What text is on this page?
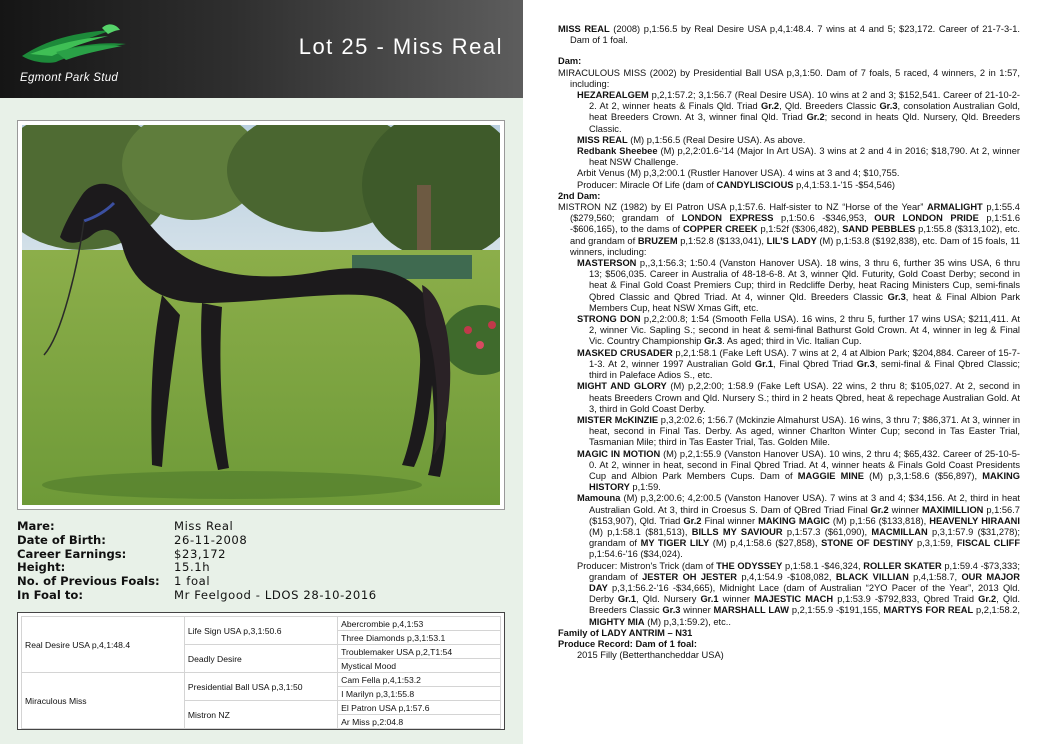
Egmont Park Stud
Lot 25 - Miss Real
Mare:	Miss Real
Date of Birth:	26-11-2008
Career Earnings:	$23,172
Height:	15.1h
No. of Previous Foals:	1 foal
In Foal to:	Mr Feelgood - LDOS 28-10-2016
Real Desire USA p,4,1:48.4	Life Sign USA p,3,1:50.6	Abercrombie p,4,1:53
		Three Diamonds p,3,1:53.1
	Deadly Desire	Troublemaker USA p,2,T1:54
		Mystical Mood
Miraculous Miss	Presidential Ball USA p,3,1:50	Cam Fella p,4,1:53.2
		I Marilyn p,3,1:55.8
	Mistron NZ	El Patron USA p,1:57.6
		Ar Miss p,2:04.8

MISS REAL (2008) p,1:56.5 by Real Desire USA p,4,1:48.4. 7 wins at 4 and 5; $23,172. Career of 21-7-3-1. Dam of 1 foal.

Dam:

MIRACULOUS MISS (2002) by Presidential Ball USA p,3,1:50. Dam of 7 foals, 5 raced, 4 winners, 2 in 1:57, including:

HEZAREALGEM p,2,1:57.2; 3,1:56.7 (Real Desire USA). 10 wins at 2 and 3; $152,541. Career of 21-10-2-2. At 2, winner heats & Finals Qld. Triad Gr.2, Qld. Breeders Classic Gr.3, consolation Australian Gold, heat Breeders Crown. At 3, winner final Qld. Triad Gr.2; second in heats Qld. Nursery, Qld. Breeders Classic.

MISS REAL (M) p,1:56.5 (Real Desire USA). As above.

Redbank Sheebee (M) p,2,2:01.6-'14 (Major In Art USA). 3 wins at 2 and 4 in 2016; $18,790. At 2, winner heat NSW Challenge.

Arbit Venus (M) p,3,2:00.1 (Rustler Hanover USA). 4 wins at 3 and 4; $10,755.

Producer: Miracle Of Life (dam of CANDYLISCIOUS p,4,1:53.1-'15 -$54,546)

2nd Dam:

MISTRON NZ (1982) by El Patron USA p,1:57.6. Half-sister to NZ “Horse of the Year” ARMALIGHT p,1:55.4 ($279,560; grandam of LONDON EXPRESS p,1:50.6 -$346,953, OUR LONDON PRIDE p,1:51.6 -$606,165), to the dams of COPPER CREEK p,1:52f ($306,482), SAND PEBBLES p,1:55.8 ($313,102), etc. and grandam of BRUZEM p,1:52.8 ($133,041), LIL’S LADY (M) p,1:53.8 ($192,838), etc. Dam of 15 foals, 11 winners, including:

MASTERSON p,,3,1:56.3; 1:50.4 (Vanston Hanover USA). 18 wins, 3 thru 6, further 35 wins USA, 6 thru 13; $506,035. Career in Australia of 48-18-6-8. At 3, winner Qld. Futurity, Gold Coast Derby; second in heat & Final Gold Coast Premiers Cup; third in Redcliffe Derby, heat Racing Ministers Cup, semi-finals Qbred Classic and Qbred Triad. At 4, winner Qld. Breeders Classic Gr.3, heat & Final Albion Park Members Cup, heat NSW Xmas Gift, etc.

STRONG DON p,2,2:00.8; 1:54 (Smooth Fella USA). 16 wins, 2 thru 5, further 17 wins USA; $211,411. At 2, winner Vic. Sapling S.; second in heat & semi-final Bathurst Gold Crown. At 4, winner in leg & Final Vic. Country Championship Gr.3. As aged; third in Vic. Italian Cup.

MASKED CRUSADER p,2,1:58.1 (Fake Left USA). 7 wins at 2, 4 at Albion Park; $204,884. Career of 15-7-1-3. At 2, winner 1997 Australian Gold Gr.1, Final Qbred Triad Gr.3, semi-final & Final Qbred Classic; third in Paleface Adios S., etc.

MIGHT AND GLORY (M) p,2,2:00; 1:58.9 (Fake Left USA). 22 wins, 2 thru 8; $105,027. At 2, second in heats Breeders Crown and Qld. Nursery S.; third in 2 heats Qbred, heat & repechage Australian Gold. At 3, third in Gold Coast Derby.

MISTER McKINZIE p,3,2:02.6; 1:56.7 (Mckinzie Almahurst USA). 16 wins, 3 thru 7; $86,371. At 3, winner in heat, second in Final Tas. Derby. As aged, winner Charlton Winter Cup; second in Tas Easter Trial, Tasmanian Mile; third in Tas Easter Trial, Tas. Golden Mile.

MAGIC IN MOTION (M) p,2,1:55.9 (Vanston Hanover USA). 10 wins, 2 thru 4; $65,432. Career of 25-10-5-0. At 2, winner in heat, second in Final Qbred Triad. At 4, winner heats & Finals Gold Coast Presidents Cup and Albion Park Members Cups. Dam of MAGGIE MINE (M) p,3,1:58.6 ($56,897), MAKING HISTORY p,1:59.

Mamouna (M) p,3,2:00.6; 4,2:00.5 (Vanston Hanover USA). 7 wins at 3 and 4; $34,156. At 2, third in heat Australian Gold. At 3, third in Croesus S. Dam of QBred Triad Final Gr.2 winner MAXIMILLION p,1:56.7 ($153,907), Qld. Triad Gr.2 Final winner MAKING MAGIC (M) p,1:56 ($133,818), HEAVENLY HIRAANI (M) p,1:58.1 ($81,513), BILLS MY SAVIOUR p,1:57.3 ($61,090), MACMILLAN p,3,1:57.9 ($31,278); grandam of MY TIGER LILY (M) p,4,1:58.6 ($27,858), STONE OF DESTINY p,3,1:59, FISCAL CLIFF p,1:54.6-'16 ($34,024).

Producer: Mistron's Trick (dam of THE ODYSSEY p,1:58.1 -$46,324, ROLLER SKATER p,1:59.4 -$73,333; grandam of JESTER OH JESTER p,4,1:54.9 -$108,082, BLACK VILLIAN p,4,1:58.7, OUR MAJOR DAY p,3,1:56.2-'16 -$34,665), Midnight Lace (dam of Australian “2YO Pacer of the Year”, 2013 Qld. Derby Gr.1, Qld. Nursery Gr.1 winner MAJESTIC MACH p,1:53.9 -$792,833, Qbred Traid Gr.2, Qld. Breeders Classic Gr.3 winner MARSHALL LAW p,2,1:55.9 -$191,155, MARTYS FOR REAL p,2,1:58.2, MIGHTY MIA (M) p,3,1:59.2), etc..

Family of LADY ANTRIM – N31

Produce Record: Dam of 1 foal:

2015 Filly (Betterthancheddar USA)
